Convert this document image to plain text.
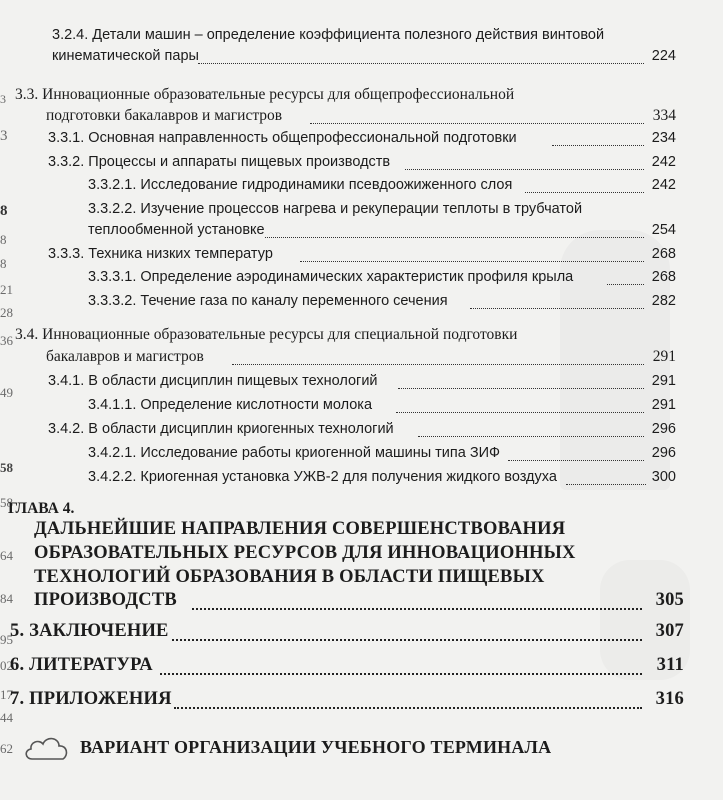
3
3
8
8
8
21
28
36
49
58
58
64
84
95
02
17
44
62
3.2.4. Детали машин – определение коэффициента полезного действия винтовой
кинематической пары	224
3.3. Инновационные образовательные ресурсы для общепрофессиональной
подготовки бакалавров и магистров	334
3.3.1. Основная направленность общепрофессиональной подготовки	234
3.3.2. Процессы и аппараты пищевых производств	242
3.3.2.1. Исследование гидродинамики псевдоожиженного слоя	242
3.3.2.2. Изучение процессов нагрева и рекуперации теплоты в трубчатой
теплообменной установке	254
3.3.3. Техника низких температур	268
3.3.3.1. Определение аэродинамических характеристик профиля крыла	268
3.3.3.2. Течение газа по каналу переменного сечения	282
3.4. Инновационные образовательные ресурсы для специальной подготовки
бакалавров и магистров	291
3.4.1. В области дисциплин пищевых технологий	291
3.4.1.1. Определение кислотности молока	291
3.4.2. В области дисциплин криогенных технологий	296
3.4.2.1. Исследование работы криогенной машины типа ЗИФ	296
3.4.2.2. Криогенная установка УЖВ-2 для получения жидкого воздуха	300
ГЛАВА 4.
ДАЛЬНЕЙШИЕ НАПРАВЛЕНИЯ СОВЕРШЕНСТВОВАНИЯ
ОБРАЗОВАТЕЛЬНЫХ РЕСУРСОВ ДЛЯ ИННОВАЦИОННЫХ
ТЕХНОЛОГИЙ ОБРАЗОВАНИЯ В ОБЛАСТИ ПИЩЕВЫХ
ПРОИЗВОДСТВ	305
5. ЗАКЛЮЧЕНИЕ	307
6. ЛИТЕРАТУРА	311
7. ПРИЛОЖЕНИЯ	316
ВАРИАНТ ОРГАНИЗАЦИИ УЧЕБНОГО ТЕРМИНАЛА
